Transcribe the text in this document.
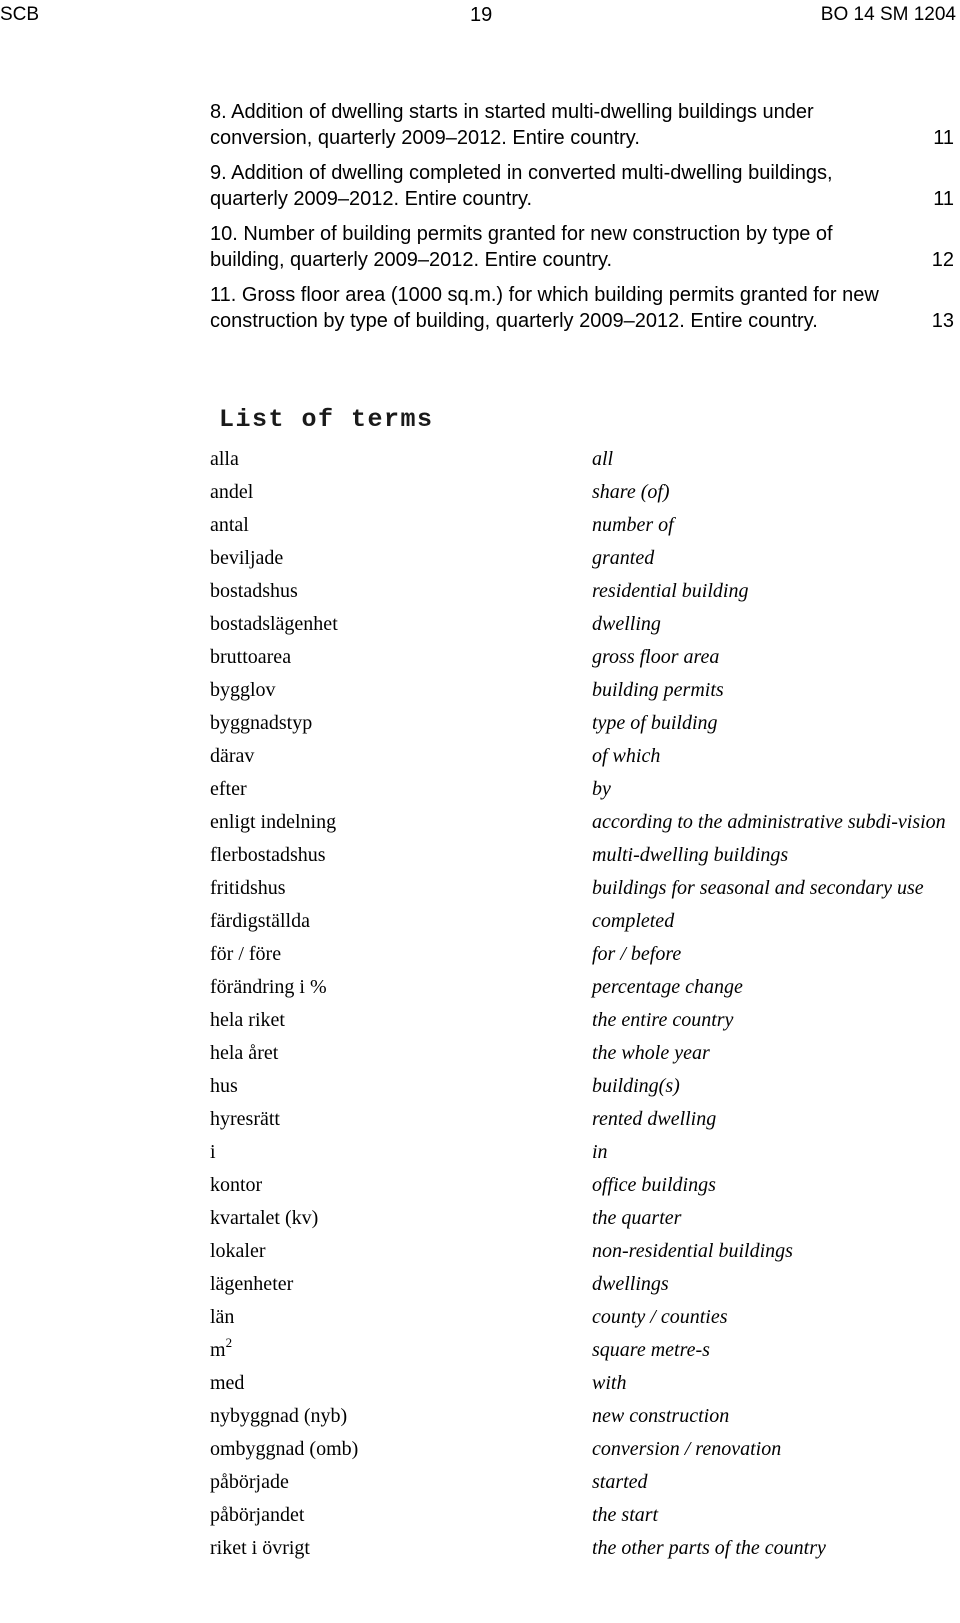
SCB	19	BO 14 SM 1204
8. Addition of dwelling starts in started multi-dwelling buildings under conversion, quarterly 2009–2012. Entire country.	11
9. Addition of dwelling completed in converted multi-dwelling buildings, quarterly 2009–2012. Entire country.	11
10. Number of building permits granted for new construction by type of building, quarterly 2009–2012. Entire country.	12
11. Gross floor area (1000 sq.m.) for which building permits granted for new construction by type of building, quarterly 2009–2012. Entire country.	13
List of terms
alla	all
andel	share (of)
antal	number of
beviljade	granted
bostadshus	residential building
bostadslägenhet	dwelling
bruttoarea	gross floor area
bygglov	building permits
byggnadstyp	type of building
därav	of which
efter	by
enligt indelning	according to the administrative subdi-vision
flerbostadshus	multi-dwelling buildings
fritidshus	buildings for seasonal and secondary use
färdigställda	completed
för / före	for / before
förändring i %	percentage change
hela riket	the entire country
hela året	the whole year
hus	building(s)
hyresrätt	rented dwelling
i	in
kontor	office buildings
kvartalet (kv)	the quarter
lokaler	non-residential buildings
lägenheter	dwellings
län	county / counties
$m^2$	square metre-s
med	with
nybyggnad (nyb)	new construction
ombyggnad (omb)	conversion / renovation
påbörjade	started
påbörjandet	the start
riket i övrigt	the other parts of the country
